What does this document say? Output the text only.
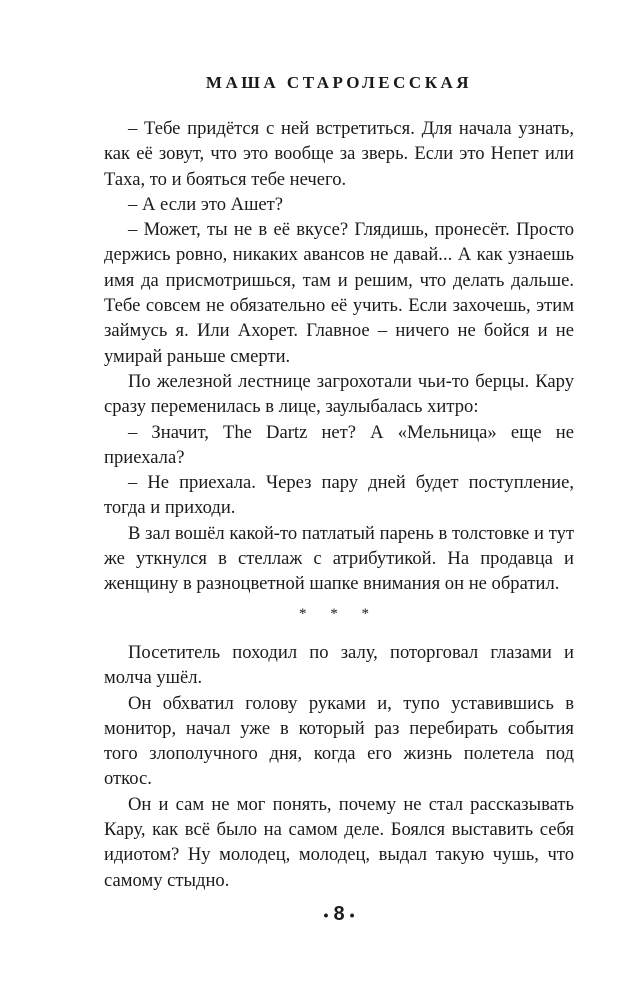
МАША СТАРОЛЕССКАЯ

– Тебе придётся с ней встретиться. Для начала узнать, как её зовут, что это вообще за зверь. Если это Непет или Таха, то и бояться тебе нечего.

– А если это Ашет?

– Может, ты не в её вкусе? Глядишь, пронесёт. Просто держись ровно, никаких авансов не давай... А как узнаешь имя да присмотришься, там и решим, что делать дальше. Тебе совсем не обязательно её учить. Если захочешь, этим займусь я. Или Ахорет. Главное – ничего не бойся и не умирай раньше смерти.

По железной лестнице загрохотали чьи-то берцы. Кару сразу переменилась в лице, заулыбалась хитро:

– Значит, The Dartz нет? А «Мельница» еще не приехала?

– Не приехала. Через пару дней будет поступление, тогда и приходи.

В зал вошёл какой-то патлатый парень в толстовке и тут же уткнулся в стеллаж с атрибутикой. На продавца и женщину в разноцветной шапке внимания он не обратил.

* * *

Посетитель походил по залу, поторговал глазами и молча ушёл.

Он обхватил голову руками и, тупо уставившись в монитор, начал уже в который раз перебирать события того злополучного дня, когда его жизнь полетела под откос.

Он и сам не мог понять, почему не стал рассказывать Кару, как всё было на самом деле. Боялся выставить себя идиотом? Ну молодец, молодец, выдал такую чушь, что самому стыдно.

• 8 •
